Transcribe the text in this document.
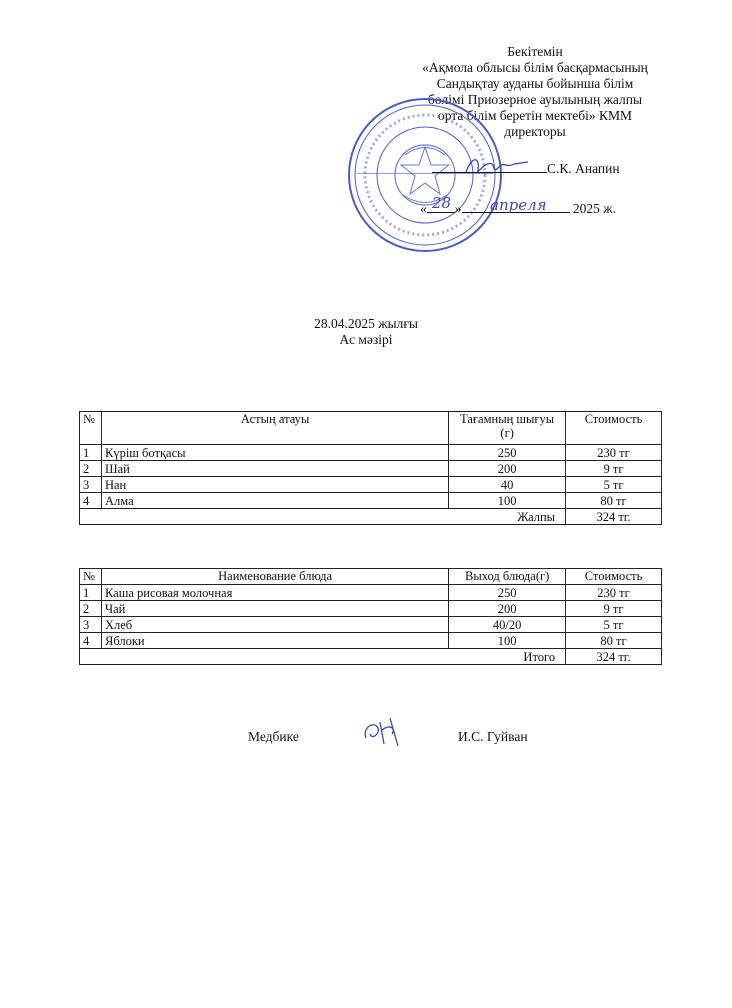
Бекітемін
«Ақмола облысы білім басқармасының
Сандықтау ауданы бойынша білім
бөлімі Приозерное ауылының жалпы
орта білім беретін мектебі» КММ
директоры
С.К. Анапин
« »	2025 ж.
28	апреля
28.04.2025 жылғы
Ас мәзірі
№	Астың атауы	Тағамның шығуы (г)	Стоимость
1	Күріш ботқасы	250	230 тг
2	Шай	200	9 тг
3	Нан	40	5 тг
4	Алма	100	80 тг
Жалпы			324 тг.
№	Наименование блюда	Выход блюда(г)	Стоимость
1	Каша рисовая молочная	250	230 тг
2	Чай	200	9 тг
3	Хлеб	40/20	5 тг
4	Яблоки	100	80 тг
Итого			324 тг.
Медбике	И.С. Гуйван
